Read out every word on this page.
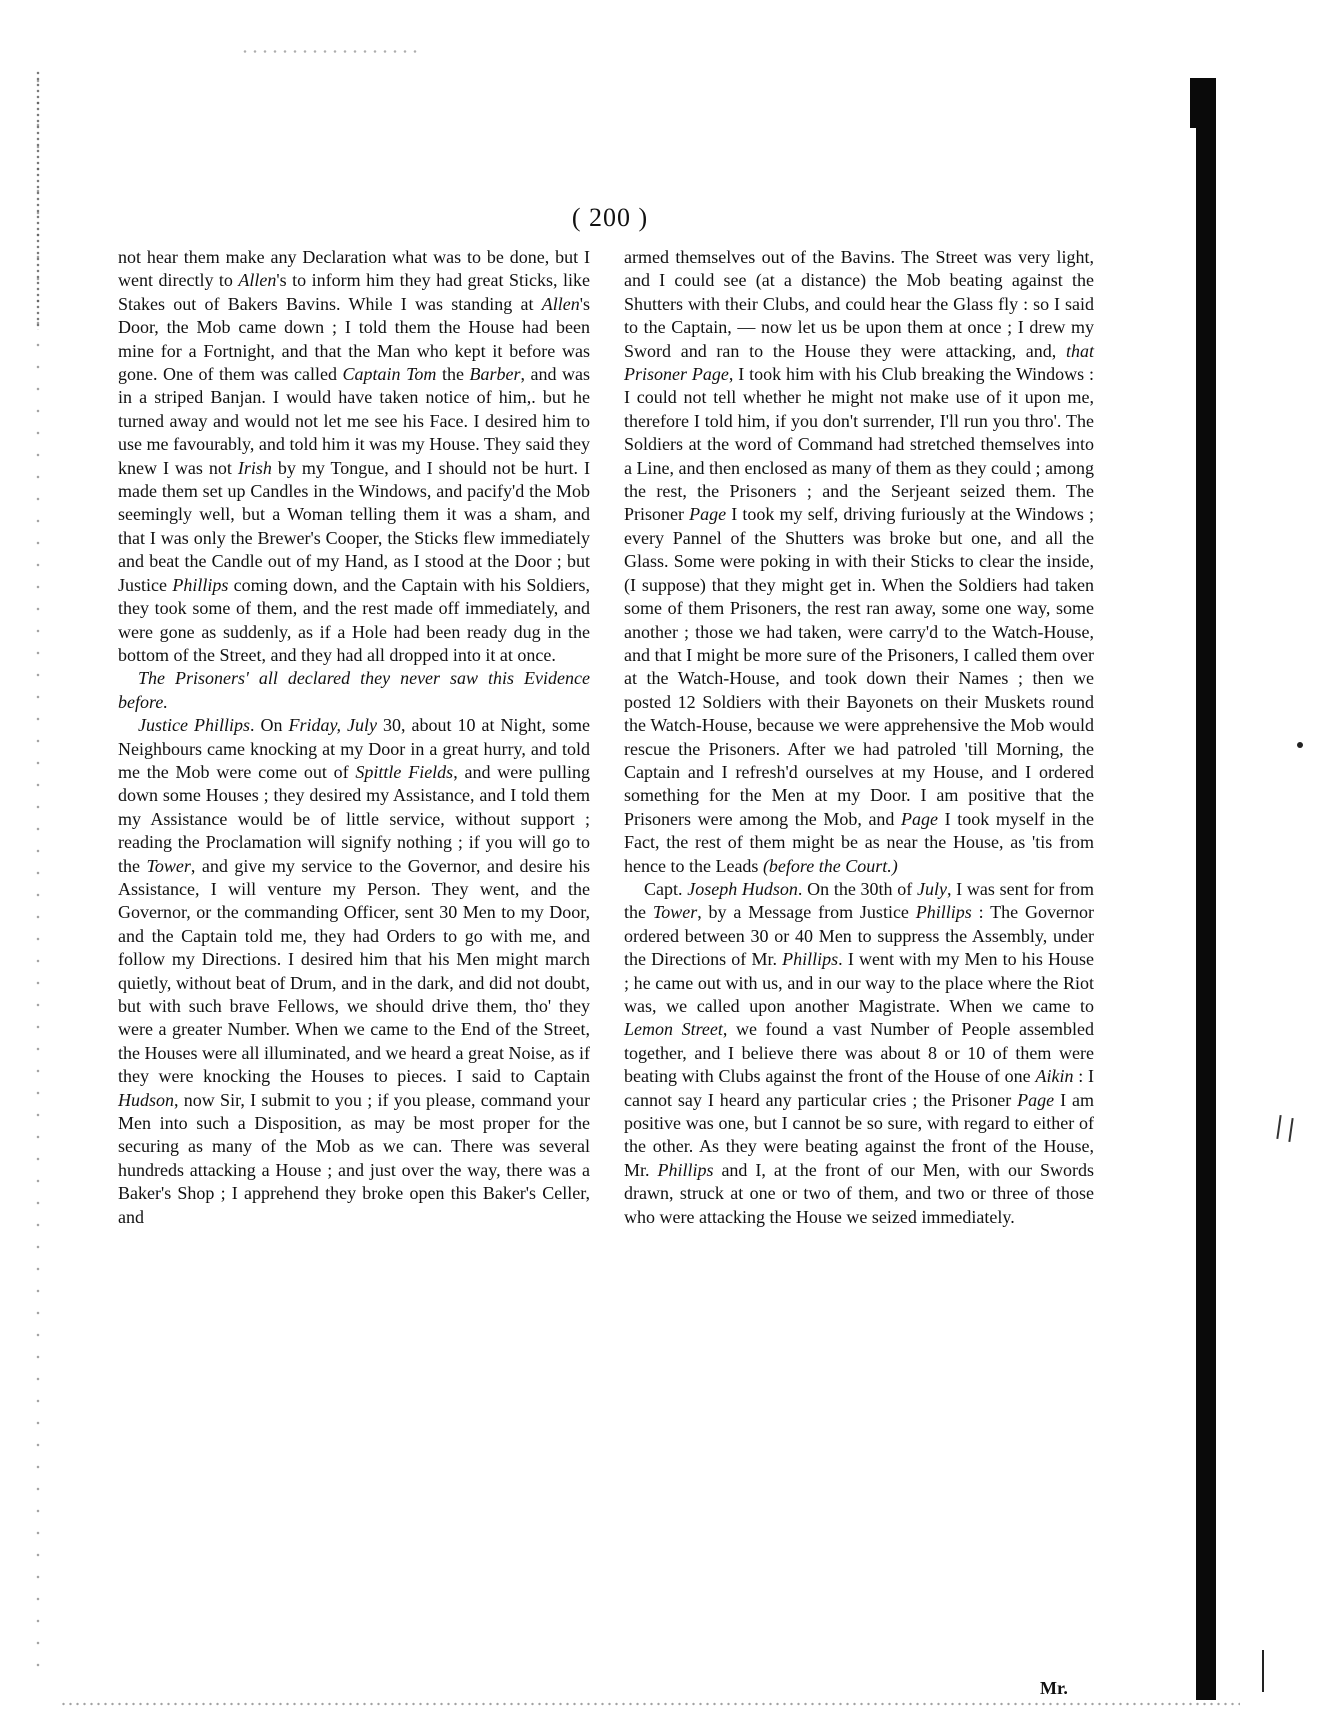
( 200 )

not hear them make any Declaration what was to be done, but I went directly to Allen's to inform him they had great Sticks, like Stakes out of Bakers Bavins. While I was standing at Allen's Door, the Mob came down ; I told them the House had been mine for a Fortnight, and that the Man who kept it before was gone. One of them was called Captain Tom the Barber, and was in a striped Banjan. I would have taken notice of him,. but he turned away and would not let me see his Face. I desired him to use me favourably, and told him it was my House. They said they knew I was not Irish by my Tongue, and I should not be hurt. I made them set up Candles in the Windows, and pacify'd the Mob seemingly well, but a Woman telling them it was a sham, and that I was only the Brewer's Cooper, the Sticks flew immediately and beat the Candle out of my Hand, as I stood at the Door ; but Justice Phillips coming down, and the Captain with his Soldiers, they took some of them, and the rest made off immediately, and were gone as suddenly, as if a Hole had been ready dug in the bottom of the Street, and they had all dropped into it at once.

The Prisoners' all declared they never saw this Evidence before.

Justice Phillips. On Friday, July 30, about 10 at Night, some Neighbours came knocking at my Door in a great hurry, and told me the Mob were come out of Spittle Fields, and were pulling down some Houses ; they desired my Assistance, and I told them my Assistance would be of little service, without support ; reading the Proclamation will signify nothing ; if you will go to the Tower, and give my service to the Governor, and desire his Assistance, I will venture my Person. They went, and the Governor, or the commanding Officer, sent 30 Men to my Door, and the Captain told me, they had Orders to go with me, and follow my Directions. I desired him that his Men might march quietly, without beat of Drum, and in the dark, and did not doubt, but with such brave Fellows, we should drive them, tho' they were a greater Number. When we came to the End of the Street, the Houses were all illuminated, and we heard a great Noise, as if they were knocking the Houses to pieces. I said to Captain Hudson, now Sir, I submit to you ; if you please, command your Men into such a Disposition, as may be most proper for the securing as many of the Mob as we can. There was several hundreds attacking a House ; and just over the way, there was a Baker's Shop ; I apprehend they broke open this Baker's Celler, and

armed themselves out of the Bavins. The Street was very light, and I could see (at a distance) the Mob beating against the Shutters with their Clubs, and could hear the Glass fly : so I said to the Captain, — now let us be upon them at once ; I drew my Sword and ran to the House they were attacking, and, that Prisoner Page, I took him with his Club breaking the Windows : I could not tell whether he might not make use of it upon me, therefore I told him, if you don't surrender, I'll run you thro'. The Soldiers at the word of Command had stretched themselves into a Line, and then enclosed as many of them as they could ; among the rest, the Prisoners ; and the Serjeant seized them. The Prisoner Page I took my self, driving furiously at the Windows ; every Pannel of the Shutters was broke but one, and all the Glass. Some were poking in with their Sticks to clear the inside, (I suppose) that they might get in. When the Soldiers had taken some of them Prisoners, the rest ran away, some one way, some another ; those we had taken, were carry'd to the Watch-House, and that I might be more sure of the Prisoners, I called them over at the Watch-House, and took down their Names ; then we posted 12 Soldiers with their Bayonets on their Muskets round the Watch-House, because we were apprehensive the Mob would rescue the Prisoners. After we had patroled 'till Morning, the Captain and I refresh'd ourselves at my House, and I ordered something for the Men at my Door. I am positive that the Prisoners were among the Mob, and Page I took myself in the Fact, the rest of them might be as near the House, as 'tis from hence to the Leads (before the Court.)

Capt. Joseph Hudson. On the 30th of July, I was sent for from the Tower, by a Message from Justice Phillips : The Governor ordered between 30 or 40 Men to suppress the Assembly, under the Directions of Mr. Phillips. I went with my Men to his House ; he came out with us, and in our way to the place where the Riot was, we called upon another Magistrate. When we came to Lemon Street, we found a vast Number of People assembled together, and I believe there was about 8 or 10 of them were beating with Clubs against the front of the House of one Aikin : I cannot say I heard any particular cries ; the Prisoner Page I am positive was one, but I cannot be so sure, with regard to either of the other. As they were beating against the front of the House, Mr. Phillips and I, at the front of our Men, with our Swords drawn, struck at one or two of them, and two or three of those who were attacking the House we seized immediately.

Mr.
